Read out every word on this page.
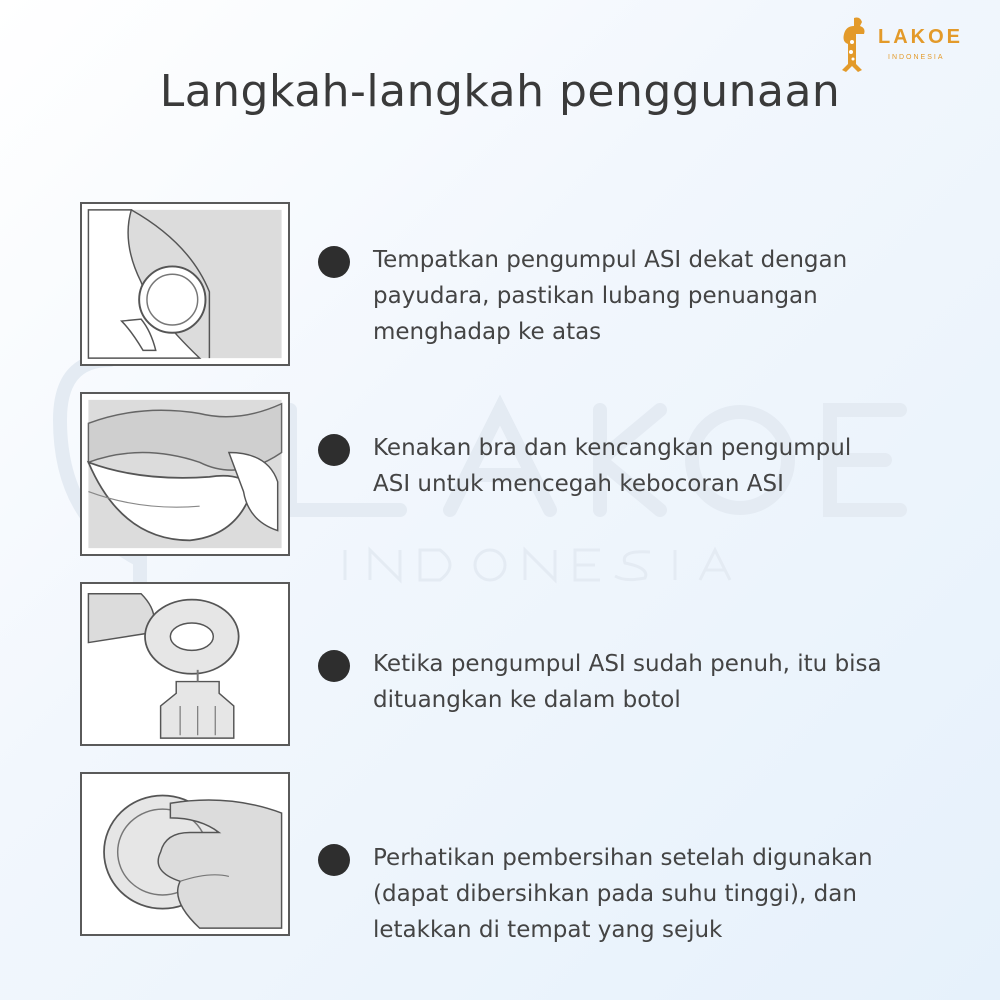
LAKOE
INDONESIA
Langkah-langkah penggunaan
Tempatkan pengumpul ASI dekat dengan payudara, pastikan lubang penuangan menghadap ke atas
Kenakan bra dan kencangkan pengumpul ASI untuk mencegah kebocoran ASI
Ketika pengumpul ASI sudah penuh, itu bisa dituangkan ke dalam botol
Perhatikan pembersihan setelah digunakan (dapat dibersihkan pada suhu tinggi), dan letakkan di tempat yang sejuk
